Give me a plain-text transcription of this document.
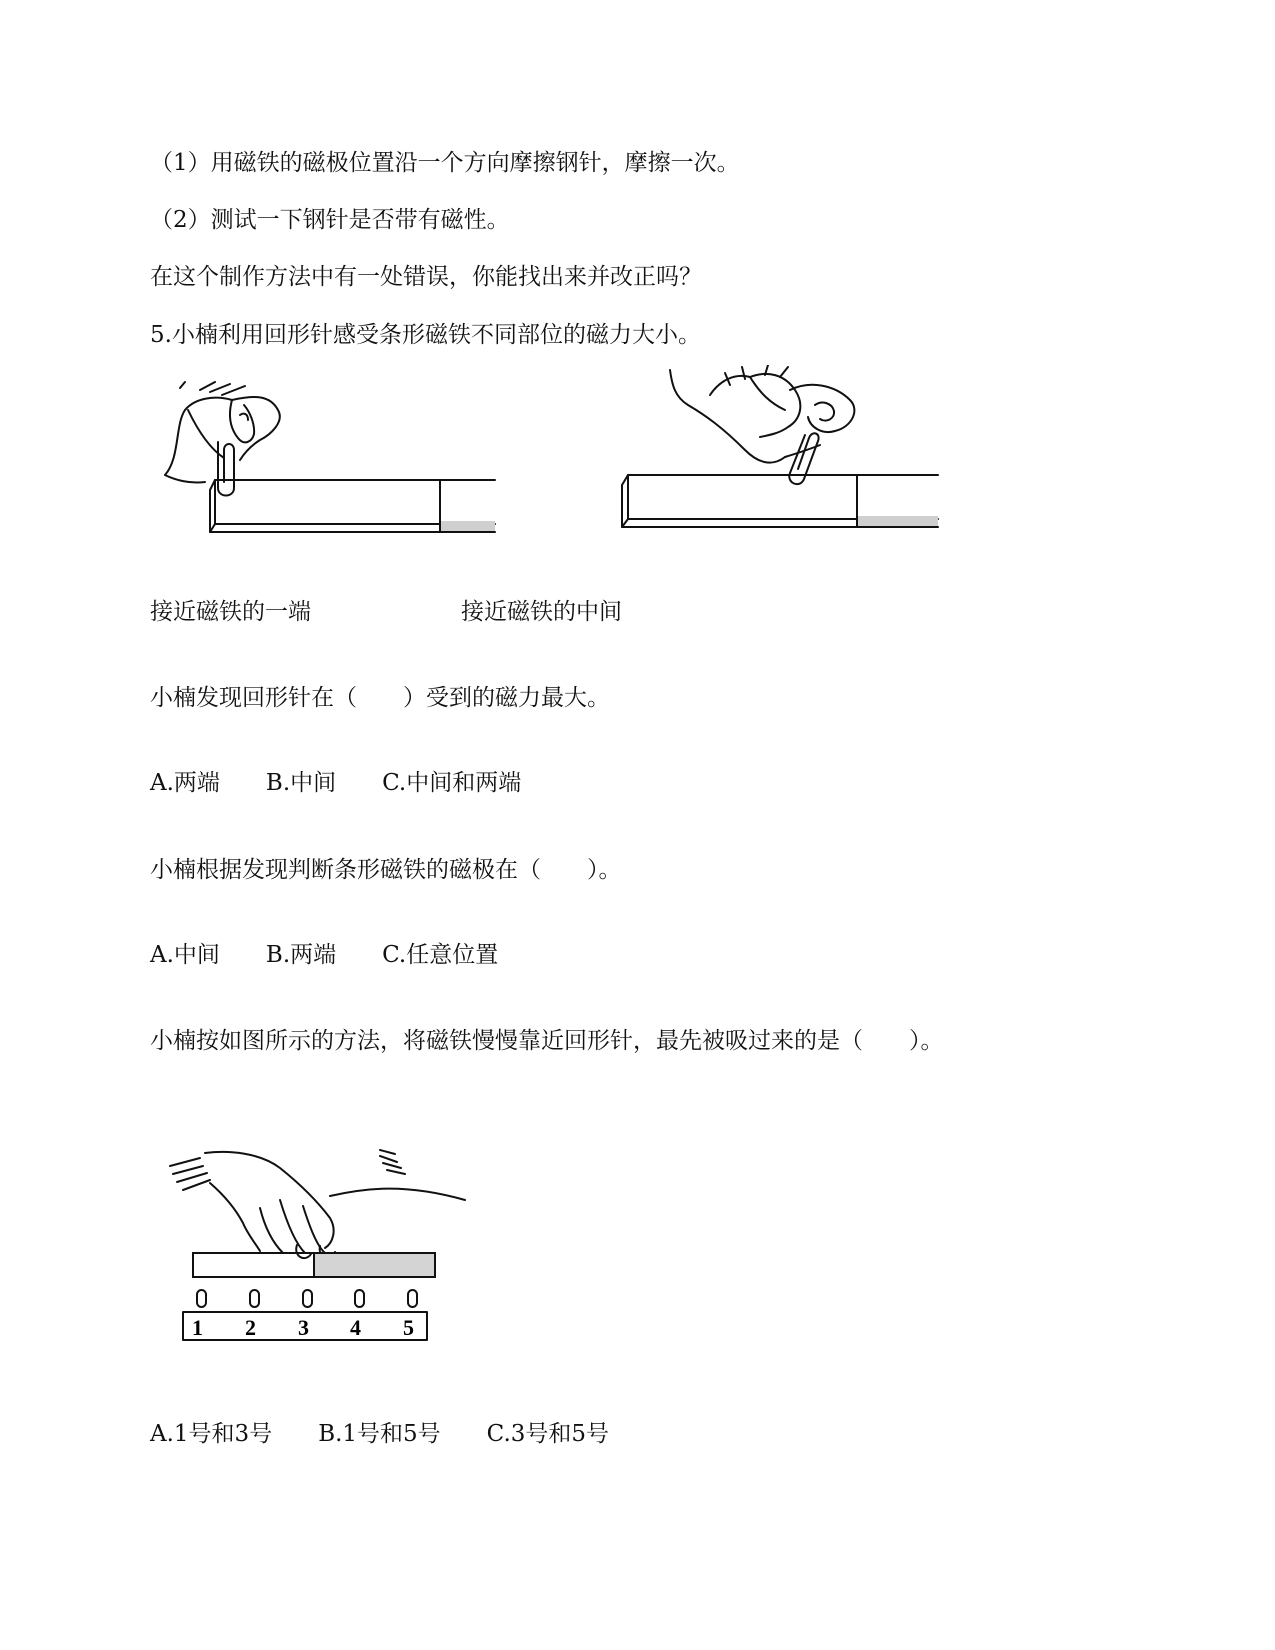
（1）用磁铁的磁极位置沿一个方向摩擦钢针，摩擦一次。
（2）测试一下钢针是否带有磁性。
在这个制作方法中有一处错误，你能找出来并改正吗？
5.小楠利用回形针感受条形磁铁不同部位的磁力大小。
接近磁铁的一端	接近磁铁的中间
小楠发现回形针在（　　）受到的磁力最大。
A.两端　　B.中间　　C.中间和两端
小楠根据发现判断条形磁铁的磁极在（　　）。
A.中间　　B.两端　　C.任意位置
小楠按如图所示的方法，将磁铁慢慢靠近回形针，最先被吸过来的是（　　）。
1 2 3 4 5
A.1号和3号　　B.1号和5号　　C.3号和5号
